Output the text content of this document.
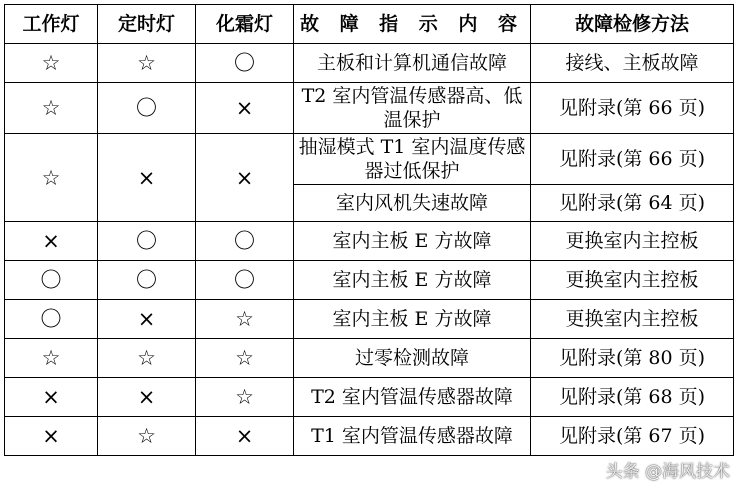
工作灯	定时灯	化霜灯	故 障 指 示 内 容	故障检修方法
☆	☆	〇	主板和计算机通信故障	接线、主板故障
☆	〇	×	T2 室内管温传感器高、低温保护	见附录(第 66 页)
☆	×	×	抽湿模式 T1 室内温度传感器过低保护	见附录(第 66 页)
			室内风机失速故障	见附录(第 64 页)
×	〇	〇	室内主板 E 方故障	更换室内主控板
〇	〇	〇	室内主板 E 方故障	更换室内主控板
〇	×	☆	室内主板 E 方故障	更换室内主控板
☆	☆	☆	过零检测故障	见附录(第 80 页)
×	×	☆	T2 室内管温传感器故障	见附录(第 68 页)
×	☆	×	T1 室内管温传感器故障	见附录(第 67 页)
头条 @海风技术
